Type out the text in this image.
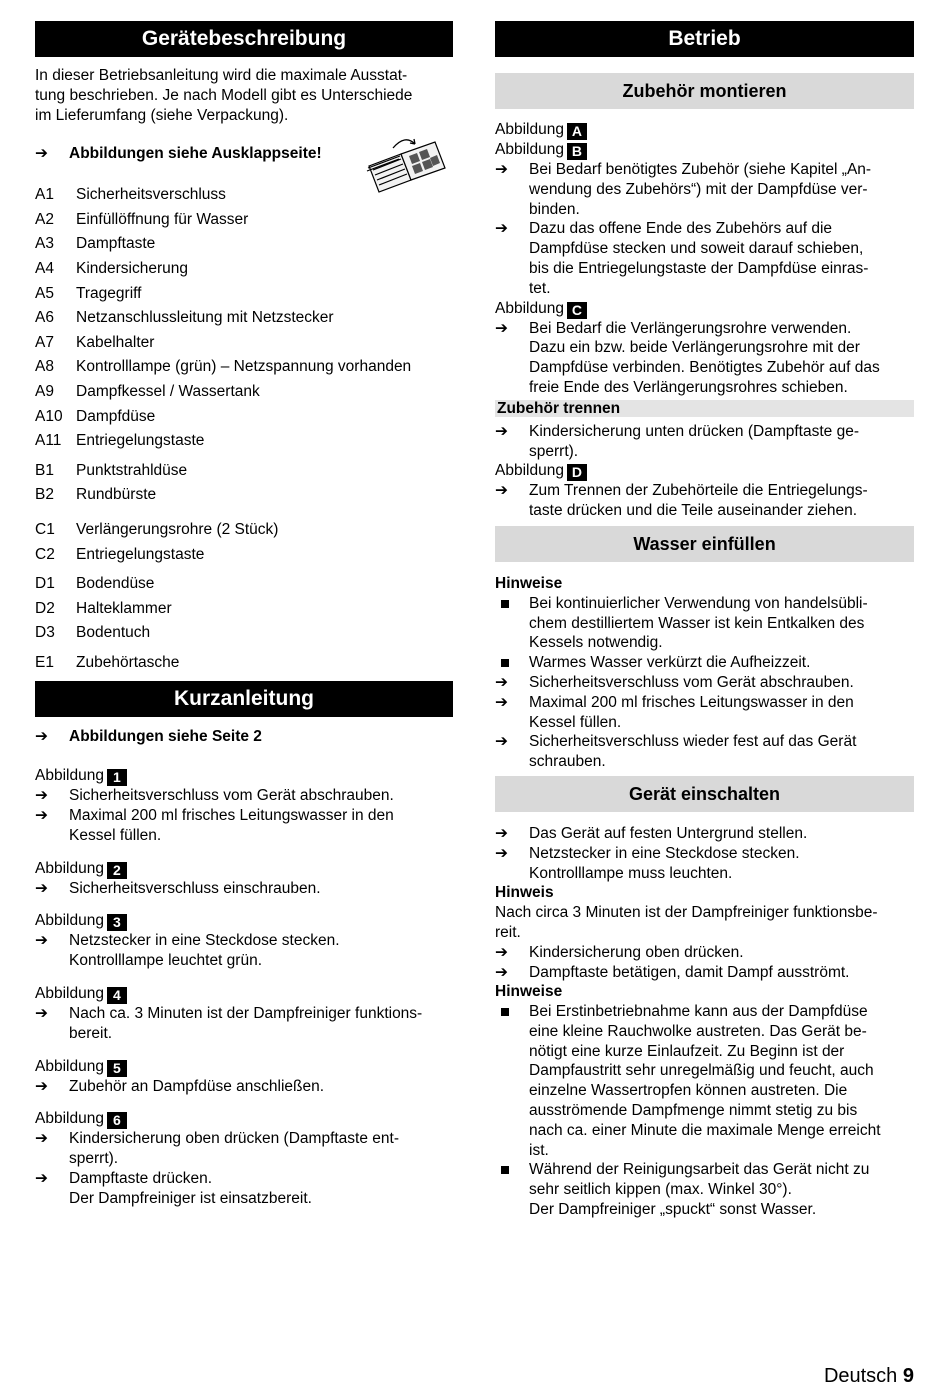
Gerätebeschreibung
In dieser Betriebsanleitung wird die maximale Ausstat-
tung beschrieben. Je nach Modell gibt es Unterschiede
im Lieferumfang (siehe Verpackung).
➔ Abbildungen siehe Ausklappseite!
A1	Sicherheitsverschluss
A2	Einfüllöffnung für Wasser
A3	Dampftaste
A4	Kindersicherung
A5	Tragegriff
A6	Netzanschlussleitung mit Netzstecker
A7	Kabelhalter
A8	Kontrolllampe (grün) – Netzspannung vorhanden
A9	Dampfkessel / Wassertank
A10 Dampfdüse
A11 Entriegelungstaste
B1	Punktstrahldüse
B2	Rundbürste
C1	Verlängerungsrohre (2 Stück)
C2	Entriegelungstaste
D1	Bodendüse
D2	Halteklammer
D3	Bodentuch
E1	Zubehörtasche
Kurzanleitung
➔ Abbildungen siehe Seite 2
Abbildung 1
➔ Sicherheitsverschluss vom Gerät abschrauben.
➔ Maximal 200 ml frisches Leitungswasser in den
Kessel füllen.
Abbildung 2
➔ Sicherheitsverschluss einschrauben.
Abbildung 3
➔ Netzstecker in eine Steckdose stecken.
Kontrolllampe leuchtet grün.
Abbildung 4
➔ Nach ca. 3 Minuten ist der Dampfreiniger funktions-
bereit.
Abbildung 5
➔ Zubehör an Dampfdüse anschließen.
Abbildung 6
➔ Kindersicherung oben drücken (Dampftaste ent-
sperrt).
➔ Dampftaste drücken.
Der Dampfreiniger ist einsatzbereit.
Betrieb
Zubehör montieren
Abbildung A
Abbildung B
➔ Bei Bedarf benötigtes Zubehör (siehe Kapitel „An-
wendung des Zubehörs“) mit der Dampfdüse ver-
binden.
➔ Dazu das offene Ende des Zubehörs auf die
Dampfdüse stecken und soweit darauf schieben,
bis die Entriegelungstaste der Dampfdüse einras-
tet.
Abbildung C
➔ Bei Bedarf die Verlängerungsrohre verwenden.
Dazu ein bzw. beide Verlängerungsrohre mit der
Dampfdüse verbinden. Benötigtes Zubehör auf das
freie Ende des Verlängerungsrohres schieben.
Zubehör trennen
➔ Kindersicherung unten drücken (Dampftaste ge-
sperrt).
Abbildung D
➔ Zum Trennen der Zubehörteile die Entriegelungs-
taste drücken und die Teile auseinander ziehen.
Wasser einfüllen
Hinweise
Bei kontinuierlicher Verwendung von handelsübli-
chem destilliertem Wasser ist kein Entkalken des
Kessels notwendig.
Warmes Wasser verkürzt die Aufheizzeit.
➔ Sicherheitsverschluss vom Gerät abschrauben.
➔ Maximal 200 ml frisches Leitungswasser in den
Kessel füllen.
➔ Sicherheitsverschluss wieder fest auf das Gerät
schrauben.
Gerät einschalten
➔ Das Gerät auf festen Untergrund stellen.
➔ Netzstecker in eine Steckdose stecken.
Kontrolllampe muss leuchten.
Hinweis
Nach circa 3 Minuten ist der Dampfreiniger funktionsbe-
reit.
➔ Kindersicherung oben drücken.
➔ Dampftaste betätigen, damit Dampf ausströmt.
Hinweise
Bei Erstinbetriebnahme kann aus der Dampfdüse
eine kleine Rauchwolke austreten. Das Gerät be-
nötigt eine kurze Einlaufzeit. Zu Beginn ist der
Dampfaustritt sehr unregelmäßig und feucht, auch
einzelne Wassertropfen können austreten. Die
ausströmende Dampfmenge nimmt stetig zu bis
nach ca. einer Minute die maximale Menge erreicht
ist.
Während der Reinigungsarbeit das Gerät nicht zu
sehr seitlich kippen (max. Winkel 30°).
Der Dampfreiniger „spuckt“ sonst Wasser.
Deutsch 9
